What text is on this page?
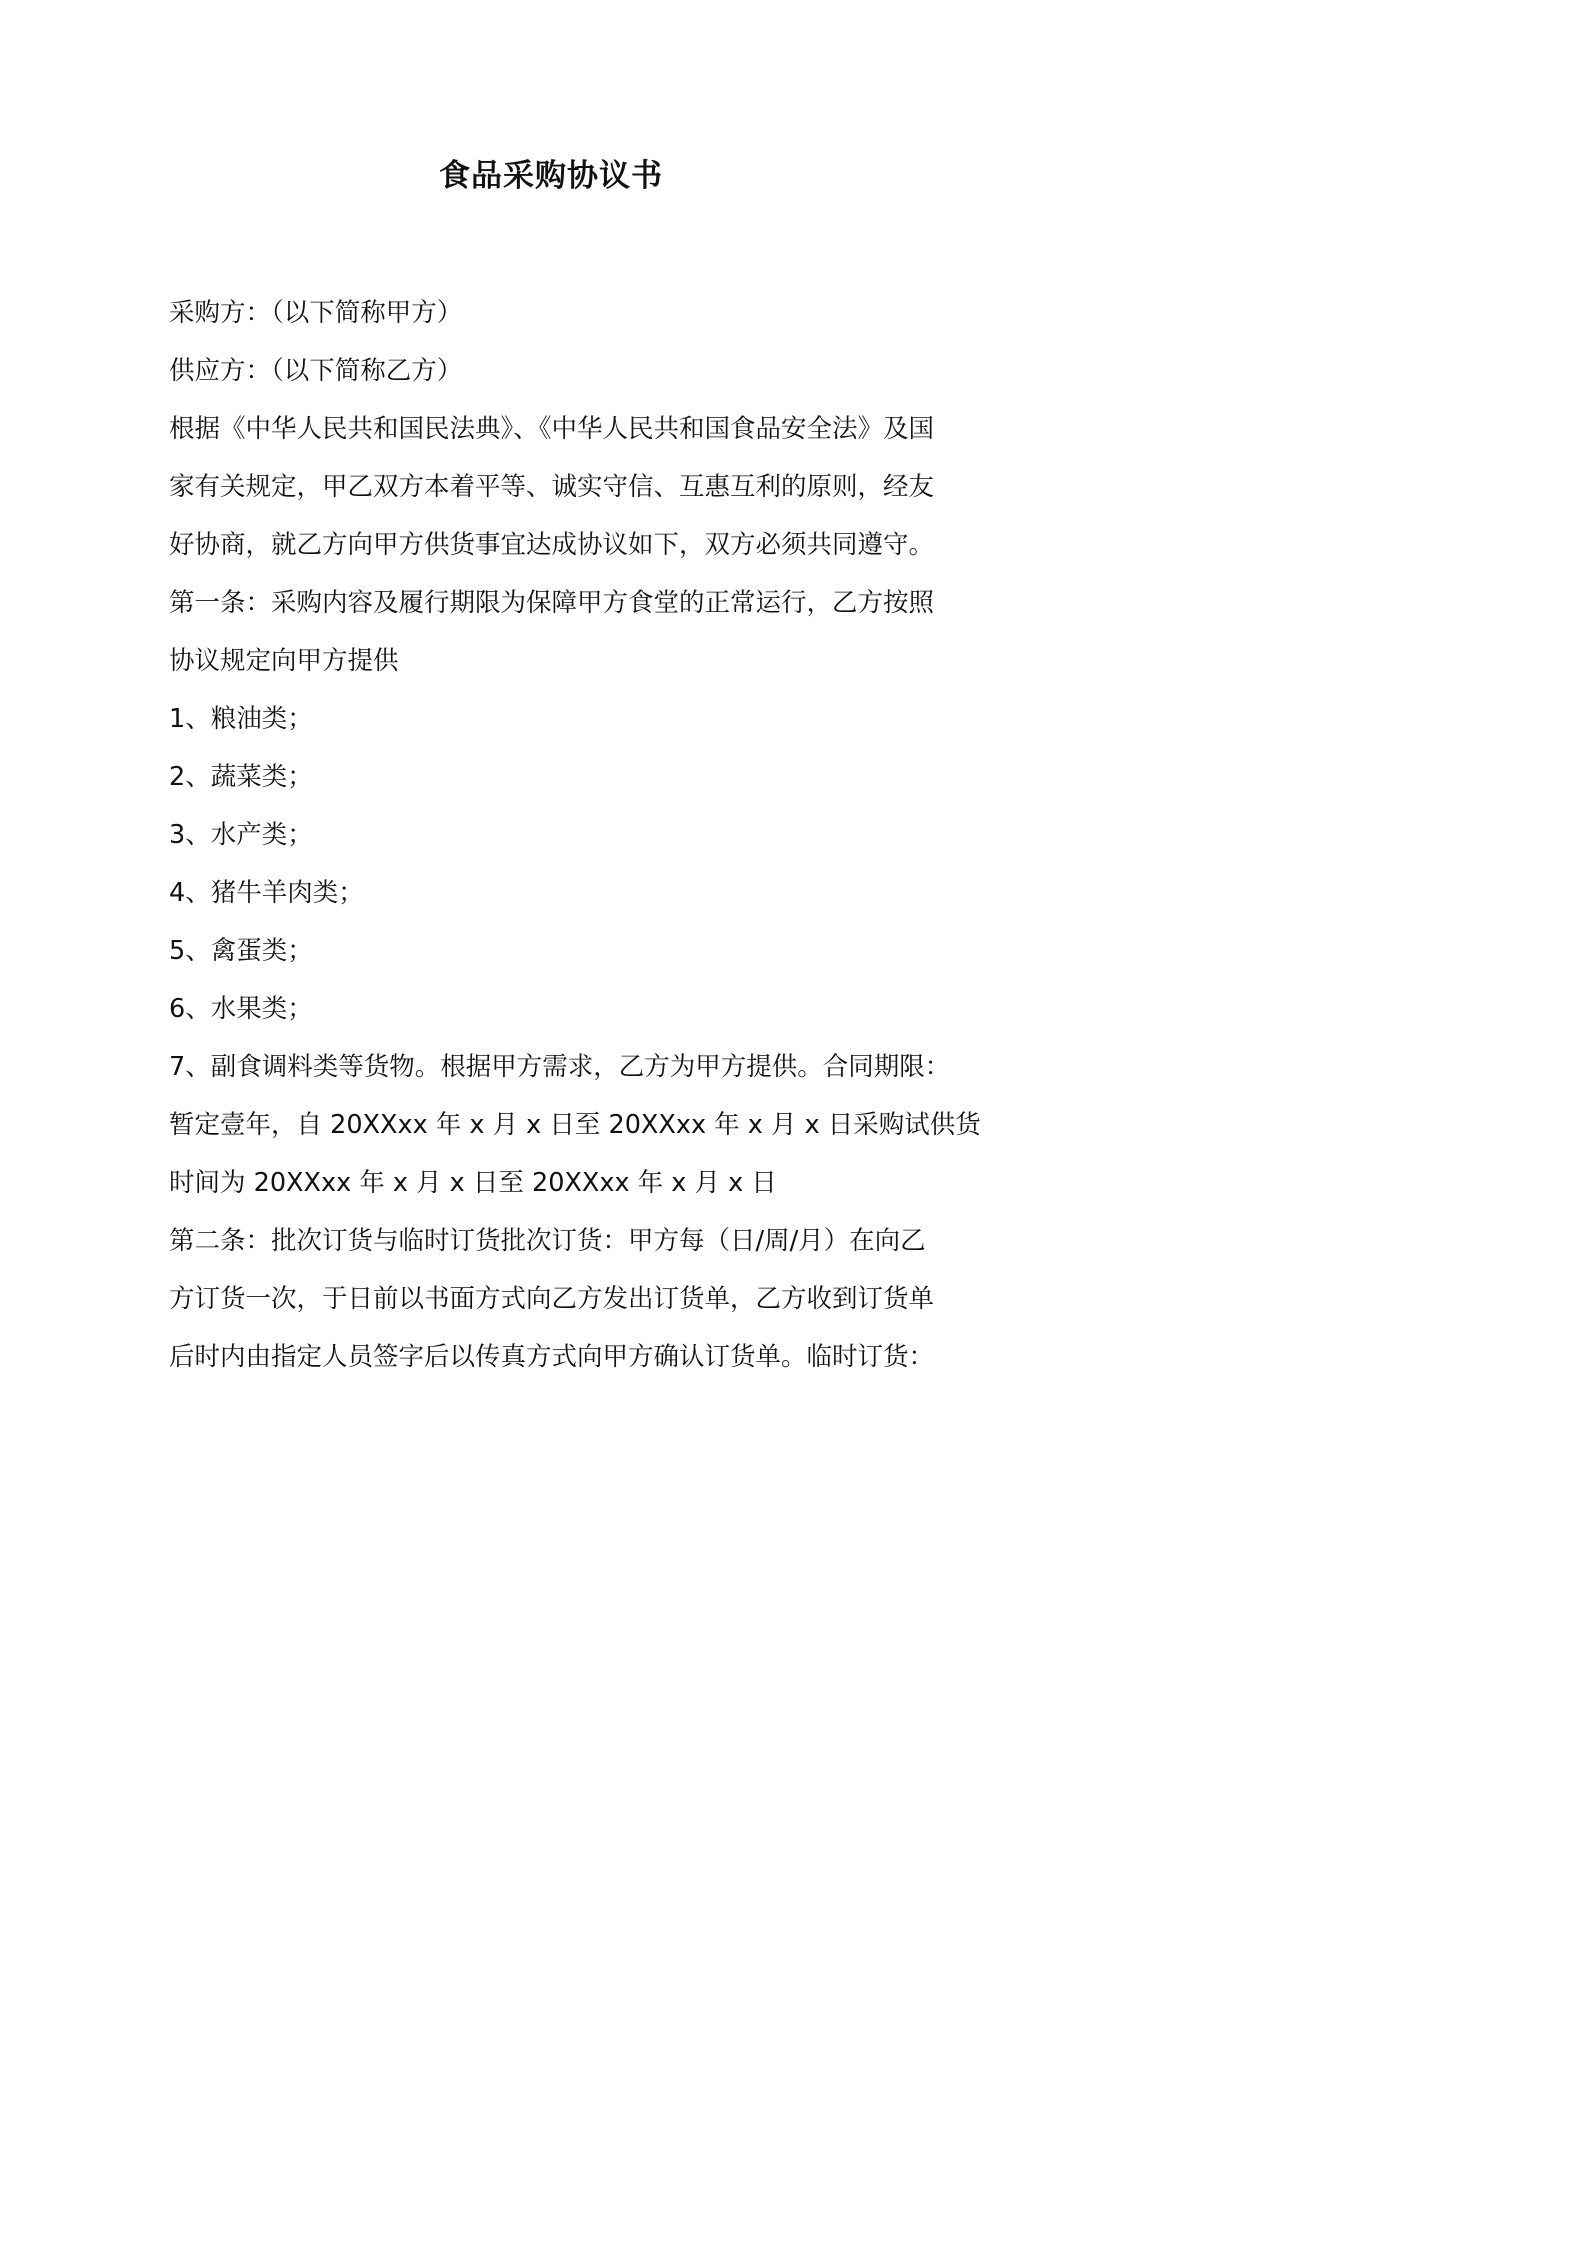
食品采购协议书
采购方：（以下简称甲方）
供应方：（以下简称乙方）
根据《中华人民共和国民法典》、《中华人民共和国食品安全法》及国
家有关规定，甲乙双方本着平等、诚实守信、互惠互利的原则，经友
好协商，就乙方向甲方供货事宜达成协议如下，双方必须共同遵守。
第一条：采购内容及履行期限为保障甲方食堂的正常运行，乙方按照
协议规定向甲方提供
1、粮油类；
2、蔬菜类；
3、水产类；
4、猪牛羊肉类；
5、禽蛋类；
6、水果类；
7、副食调料类等货物。根据甲方需求，乙方为甲方提供。合同期限：
暂定壹年，自 20XXxx 年 x 月 x 日至 20XXxx 年 x 月 x 日采购试供货
时间为 20XXxx 年 x 月 x 日至 20XXxx 年 x 月 x 日
第二条：批次订货与临时订货批次订货：甲方每（日/周/月）在向乙
方订货一次，于日前以书面方式向乙方发出订货单，乙方收到订货单
后时内由指定人员签字后以传真方式向甲方确认订货单。临时订货：
